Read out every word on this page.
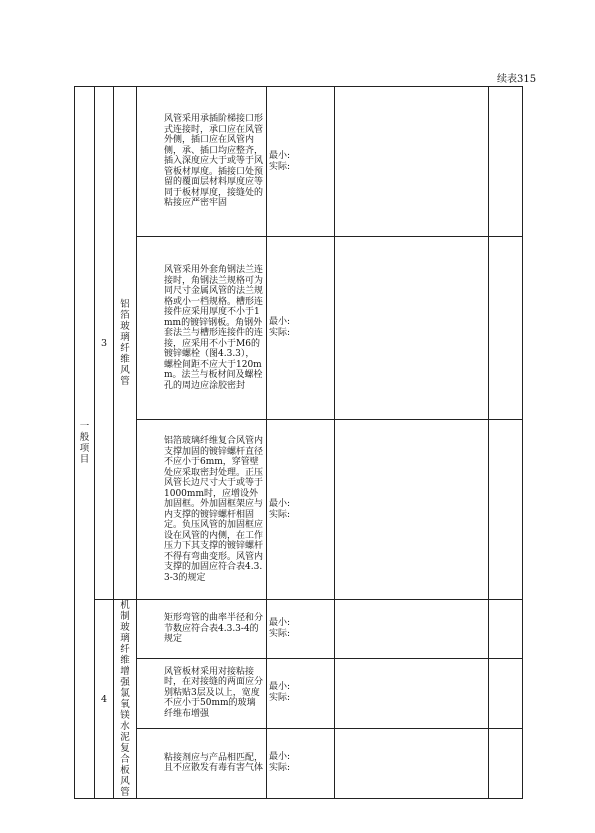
续表315
一般项目	3	铝箔玻璃纤维风管	风管采用承插阶梯接口形式连接时，承口应在风管外侧，插口应在风管内侧，承、插口均应整齐，插入深度应大于或等于风管板材厚度。插接口处预留的覆面层材料厚度应等同于板材厚度，接缝处的粘接应严密牢固	最小:
实际:		

			风管采用外套角钢法兰连接时，角钢法兰规格可为同尺寸金属风管的法兰规格或小一档规格。槽形连接件应采用厚度不小于1mm的镀锌钢板。角钢外套法兰与槽形连接件的连接，应采用不小于M6的镀锌螺栓（图4.3.3），螺栓间距不应大于120mm。法兰与板材间及螺栓孔的周边应涂胶密封	最小:
实际:		

			铝箔玻璃纤维复合风管内支撑加固的镀锌螺杆直径不应小于6mm，穿管壁处应采取密封处理。正压风管长边尺寸大于或等于1000mm时，应增设外加固框。外加固框架应与内支撑的镀锌螺杆相固定。负压风管的加固框应设在风管的内侧，在工作压力下其支撑的镀锌螺杆不得有弯曲变形。风管内支撑的加固应符合表4.3.3-3的规定	最小:
实际:		

	4	机制玻璃纤维增强氯氧镁水泥复合板风管	矩形弯管的曲率半径和分节数应符合表4.3.3-4的规定	最小:
实际:		

			风管板材采用对接粘接时，在对接缝的两面应分别粘贴3层及以上，宽度不应小于50mm的玻璃纤维布增强	最小:
实际:		

			粘接剂应与产品相匹配，且不应散发有毒有害气体	最小:
实际:		
